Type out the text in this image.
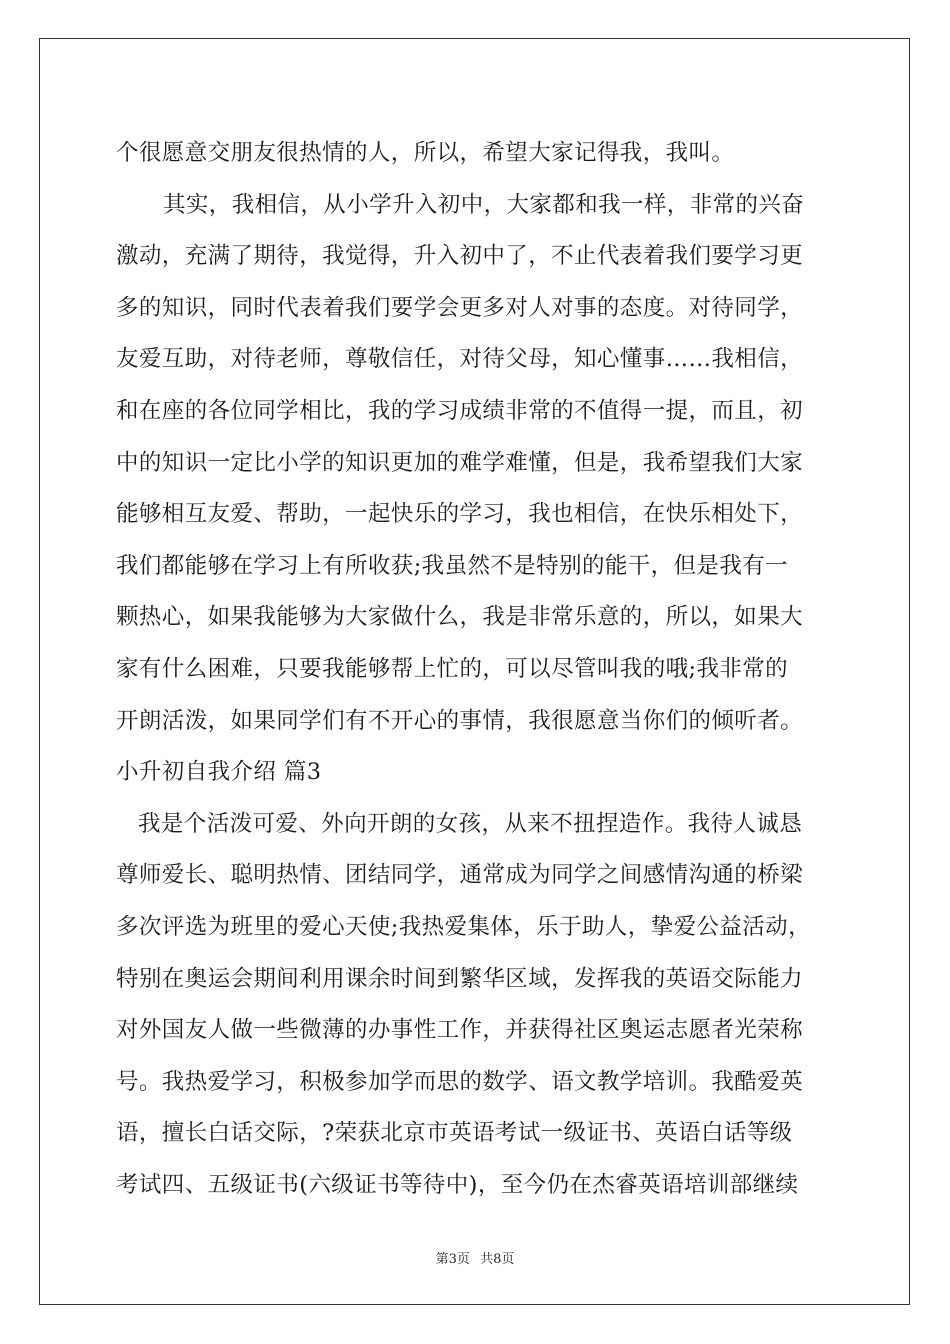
个很愿意交朋友很热情的人，所以，希望大家记得我，我叫。
其实，我相信，从小学升入初中，大家都和我一样，非常的兴奋
激动，充满了期待，我觉得，升入初中了，不止代表着我们要学习更
多的知识，同时代表着我们要学会更多对人对事的态度。对待同学，
友爱互助，对待老师，尊敬信任，对待父母，知心懂事……我相信，
和在座的各位同学相比，我的学习成绩非常的不值得一提，而且，初
中的知识一定比小学的知识更加的难学难懂，但是，我希望我们大家
能够相互友爱、帮助，一起快乐的学习，我也相信，在快乐相处下，
我们都能够在学习上有所收获;我虽然不是特别的能干，但是我有一
颗热心，如果我能够为大家做什么，我是非常乐意的，所以，如果大
家有什么困难，只要我能够帮上忙的，可以尽管叫我的哦;我非常的
开朗活泼，如果同学们有不开心的事情，我很愿意当你们的倾听者。
小升初自我介绍 篇3
我是个活泼可爱、外向开朗的女孩，从来不扭捏造作。我待人诚恳
尊师爱长、聪明热情、团结同学，通常成为同学之间感情沟通的桥梁
多次评选为班里的爱心天使;我热爱集体，乐于助人，挚爱公益活动，
特别在奥运会期间利用课余时间到繁华区域，发挥我的英语交际能力
对外国友人做一些微薄的办事性工作，并获得社区奥运志愿者光荣称
号。我热爱学习，积极参加学而思的数学、语文教学培训。我酷爱英
语，擅长白话交际，?荣获北京市英语考试一级证书、英语白话等级
考试四、五级证书(六级证书等待中)，至今仍在杰睿英语培训部继续
第3页 共8页
